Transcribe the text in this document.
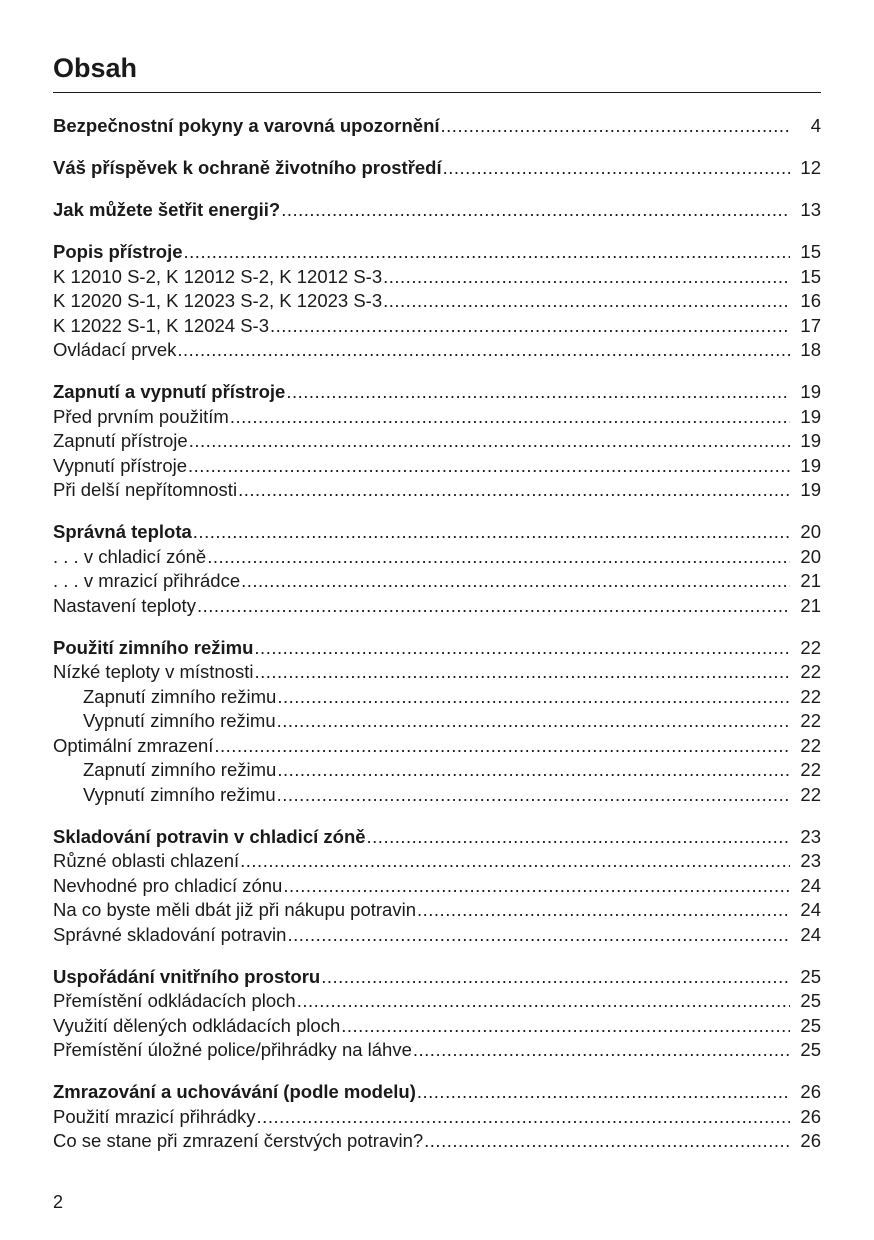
Obsah
Bezpečnostní pokyny a varovná upozornění .....	4
Váš příspěvek k ochraně životního prostředí .....	12
Jak můžete šetřit energii? .....	13
Popis přístroje .....	15
K 12010 S-2, K 12012 S-2, K 12012 S-3 .....	15
K 12020 S-1, K 12023 S-2, K 12023 S-3 .....	16
K 12022 S-1, K 12024 S-3 .....	17
Ovládací prvek .....	18
Zapnutí a vypnutí přístroje .....	19
Před prvním použitím .....	19
Zapnutí přístroje .....	19
Vypnutí přístroje .....	19
Při delší nepřítomnosti .....	19
Správná teplota .....	20
. . . v chladicí zóně .....	20
. . . v mrazicí přihrádce .....	21
Nastavení teploty .....	21
Použití zimního režimu .....	22
Nízké teploty v místnosti .....	22
Zapnutí zimního režimu .....	22
Vypnutí zimního režimu .....	22
Optimální zmrazení .....	22
Zapnutí zimního režimu .....	22
Vypnutí zimního režimu .....	22
Skladování potravin v chladicí zóně .....	23
Různé oblasti chlazení .....	23
Nevhodné pro chladicí zónu .....	24
Na co byste měli dbát již při nákupu potravin .....	24
Správné skladování potravin .....	24
Uspořádání vnitřního prostoru .....	25
Přemístění odkládacích ploch .....	25
Využití dělených odkládacích ploch .....	25
Přemístění úložné police/přihrádky na láhve .....	25
Zmrazování a uchovávání (podle modelu) .....	26
Použití mrazicí přihrádky .....	26
Co se stane při zmrazení čerstvých potravin? .....	26
2
